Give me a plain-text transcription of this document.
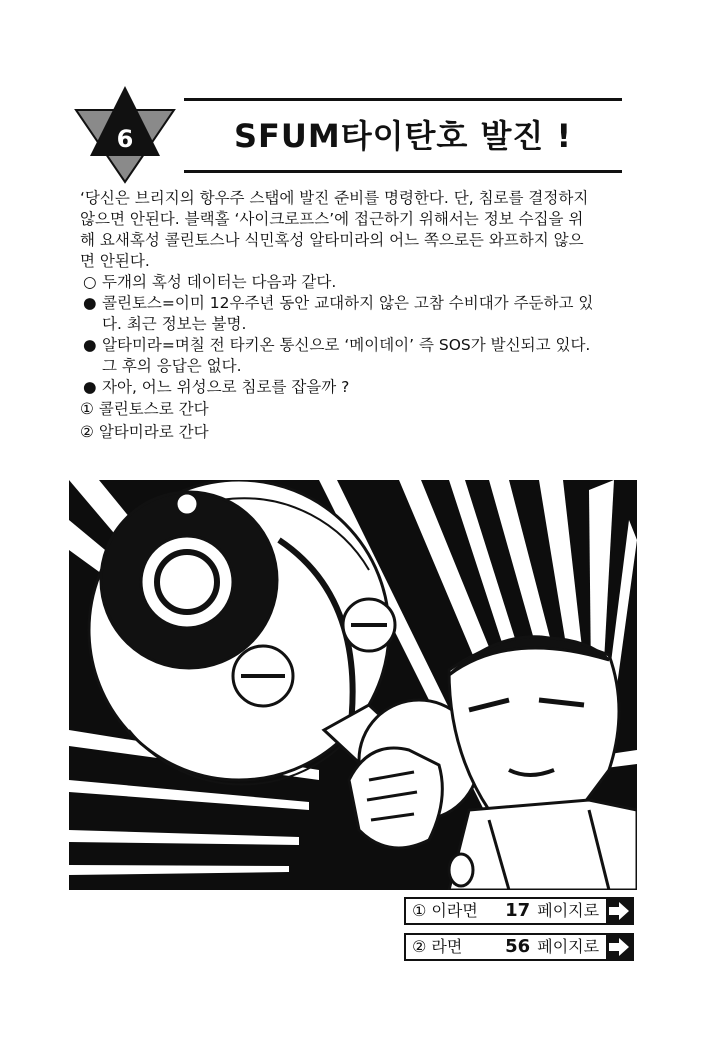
6	SFUM타이탄호 발진 !

‘당신은 브리지의 항우주 스탭에 발진 준비를 명령한다. 단, 침로를 결정하지
않으면 안된다. 블랙홀 ‘사이크로프스’에 접근하기 위해서는 정보 수집을 위
해 요새혹성 콜린토스나 식민혹성 알타미라의 어느 쪽으로든 와프하지 않으
면 안된다.

○ 두개의 혹성 데이터는 다음과 같다.

● 콜린토스=이미 12우주년 동안 교대하지 않은 고참 수비대가 주둔하고 있
다. 최근 정보는 불명.

● 알타미라=며칠 전 타키온 통신으로 ‘메이데이’ 즉 SOS가 발신되고 있다.
그 후의 응답은 없다.

● 자아, 어느 위성으로 침로를 잡을까 ?

① 콜린토스로 간다

② 알타미라로 간다

① 이라면 17 페이지로
② 라면 56 페이지로
